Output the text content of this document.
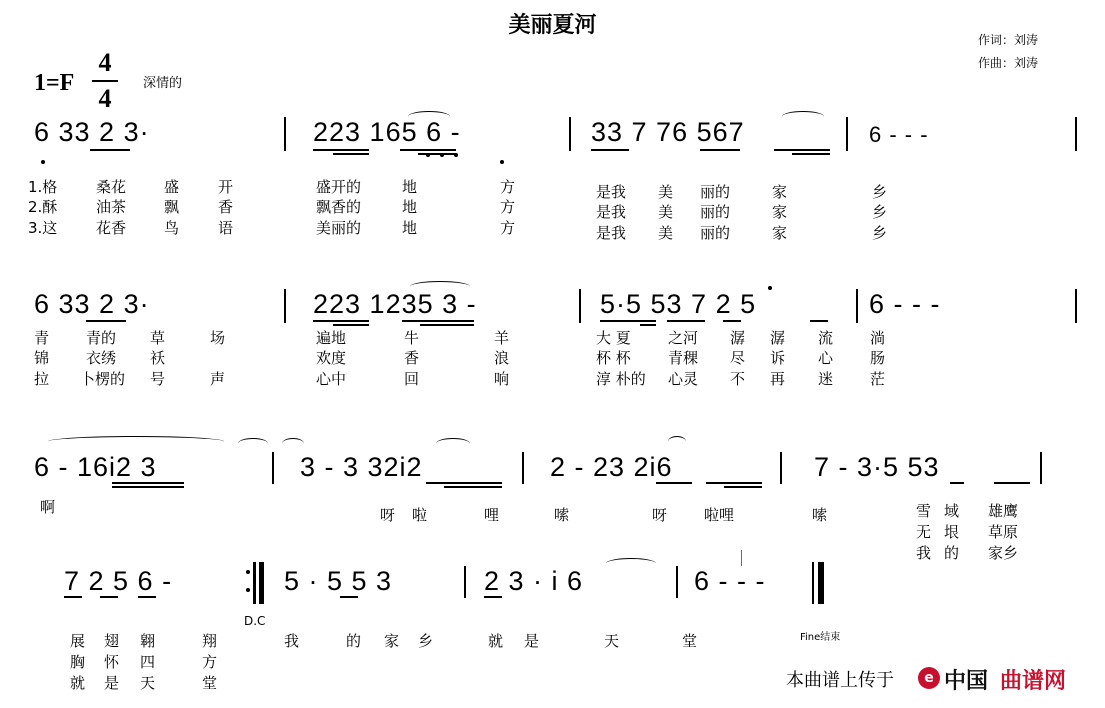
美丽夏河
作词：刘涛
作曲：刘涛
1=F
4
4
深情的
6 33 2 3·	223 165 6 -	33 7 76 567	6 - - -
1.格	桑花	盛	开	盛开的	地	方	是我 美 丽的	家	乡
2.酥	油茶	飘	香	飘香的	地	方	是我 美 丽的	家	乡
3.这	花香	鸟	语	美丽的	地	方	是我 美 丽的	家	乡
6 33 2 3·	223 1235 3 -	5·5 53 7 2 5	6 - - -
青 青的 草	场	遍地	牛	羊	大 夏 之河 潺 潺 流 淌
锦 衣绣 袄	欢度	香	浪	杯 杯 青稞 尽 诉 心 肠
拉 卜楞的 号	声	心中	回	响	淳 朴的 心灵 不 再 迷 茫
6 - 16i2 3	3 - 3 32i2	2 - 23 2i6	7 - 3·5 53
啊	呀 啦	哩	嗦	呀 啦哩	嗦	雪 域 雄鹰
无 垠 草原
我 的 家乡
7 2 5 6 -
D.C
5 · 5 5 3	2 3 · i 6	6 - - -
Fine结束
展 翅 翱	翔
胸 怀 四	方
就 是 天	堂
我	的 家 乡	就 是	天	堂
本曲谱上传于	e 中国 曲谱网
